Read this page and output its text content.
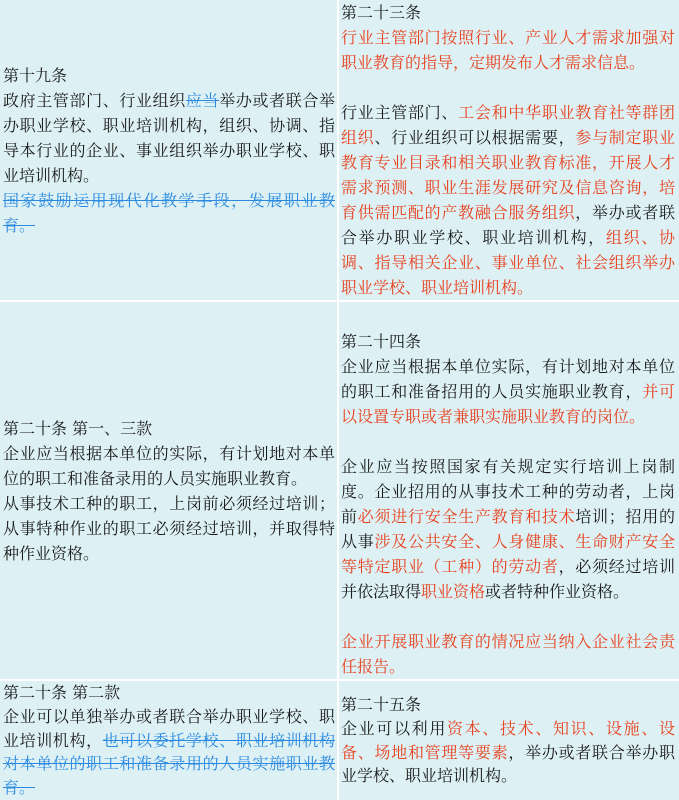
第十九条

政府主管部门、行业组织应当举办或者联合举办职业学校、职业培训机构，组织、协调、指导本行业的企业、事业组织举办职业学校、职业培训机构。

国家鼓励运用现代化教学手段，发展职业教育。

第二十三条

行业主管部门按照行业、产业人才需求加强对职业教育的指导，定期发布人才需求信息。

行业主管部门、工会和中华职业教育社等群团组织、行业组织可以根据需要，参与制定职业教育专业目录和相关职业教育标准，开展人才需求预测、职业生涯发展研究及信息咨询，培育供需匹配的产教融合服务组织，举办或者联合举办职业学校、职业培训机构，组织、协调、指导相关企业、事业单位、社会组织举办职业学校、职业培训机构。

第二十条 第一、三款

企业应当根据本单位的实际，有计划地对本单位的职工和准备录用的人员实施职业教育。

从事技术工种的职工，上岗前必须经过培训；从事特种作业的职工必须经过培训，并取得特种作业资格。

第二十四条

企业应当根据本单位实际，有计划地对本单位的职工和准备招用的人员实施职业教育，并可以设置专职或者兼职实施职业教育的岗位。

企业应当按照国家有关规定实行培训上岗制度。企业招用的从事技术工种的劳动者，上岗前必须进行安全生产教育和技术培训；招用的从事涉及公共安全、人身健康、生命财产安全等特定职业（工种）的劳动者，必须经过培训并依法取得职业资格或者特种作业资格。

企业开展职业教育的情况应当纳入企业社会责任报告。

第二十条 第二款

企业可以单独举办或者联合举办职业学校、职业培训机构，也可以委托学校、职业培训机构对本单位的职工和准备录用的人员实施职业教育。

第二十五条

企业可以利用资本、技术、知识、设施、设备、场地和管理等要素，举办或者联合举办职业学校、职业培训机构。
